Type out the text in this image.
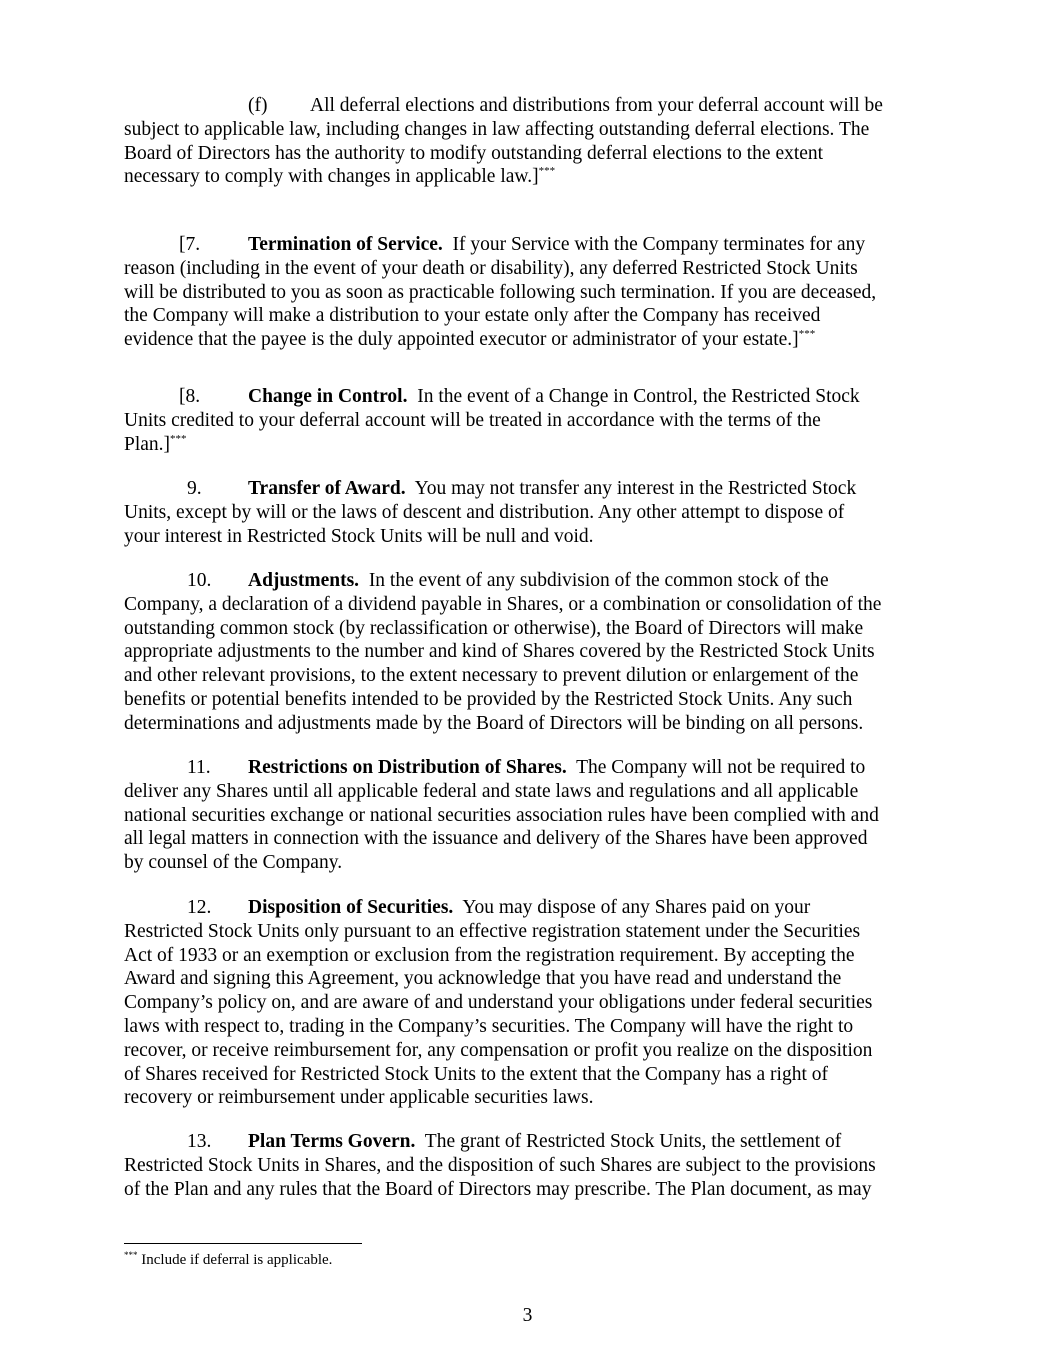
(f) All deferral elections and distributions from your deferral account will be
subject to applicable law, including changes in law affecting outstanding deferral elections. The
Board of Directors has the authority to modify outstanding deferral elections to the extent
necessary to comply with changes in applicable law.]***
[7. Termination of Service. If your Service with the Company terminates for any
reason (including in the event of your death or disability), any deferred Restricted Stock Units
will be distributed to you as soon as practicable following such termination. If you are deceased,
the Company will make a distribution to your estate only after the Company has received
evidence that the payee is the duly appointed executor or administrator of your estate.]***
[8. Change in Control. In the event of a Change in Control, the Restricted Stock
Units credited to your deferral account will be treated in accordance with the terms of the
Plan.]***
9. Transfer of Award. You may not transfer any interest in the Restricted Stock
Units, except by will or the laws of descent and distribution. Any other attempt to dispose of
your interest in Restricted Stock Units will be null and void.
10. Adjustments. In the event of any subdivision of the common stock of the
Company, a declaration of a dividend payable in Shares, or a combination or consolidation of the
outstanding common stock (by reclassification or otherwise), the Board of Directors will make
appropriate adjustments to the number and kind of Shares covered by the Restricted Stock Units
and other relevant provisions, to the extent necessary to prevent dilution or enlargement of the
benefits or potential benefits intended to be provided by the Restricted Stock Units. Any such
determinations and adjustments made by the Board of Directors will be binding on all persons.
11. Restrictions on Distribution of Shares. The Company will not be required to
deliver any Shares until all applicable federal and state laws and regulations and all applicable
national securities exchange or national securities association rules have been complied with and
all legal matters in connection with the issuance and delivery of the Shares have been approved
by counsel of the Company.
12. Disposition of Securities. You may dispose of any Shares paid on your
Restricted Stock Units only pursuant to an effective registration statement under the Securities
Act of 1933 or an exemption or exclusion from the registration requirement. By accepting the
Award and signing this Agreement, you acknowledge that you have read and understand the
Company’s policy on, and are aware of and understand your obligations under federal securities
laws with respect to, trading in the Company’s securities. The Company will have the right to
recover, or receive reimbursement for, any compensation or profit you realize on the disposition
of Shares received for Restricted Stock Units to the extent that the Company has a right of
recovery or reimbursement under applicable securities laws.
13. Plan Terms Govern. The grant of Restricted Stock Units, the settlement of
Restricted Stock Units in Shares, and the disposition of such Shares are subject to the provisions
of the Plan and any rules that the Board of Directors may prescribe. The Plan document, as may
*** Include if deferral is applicable.
3
